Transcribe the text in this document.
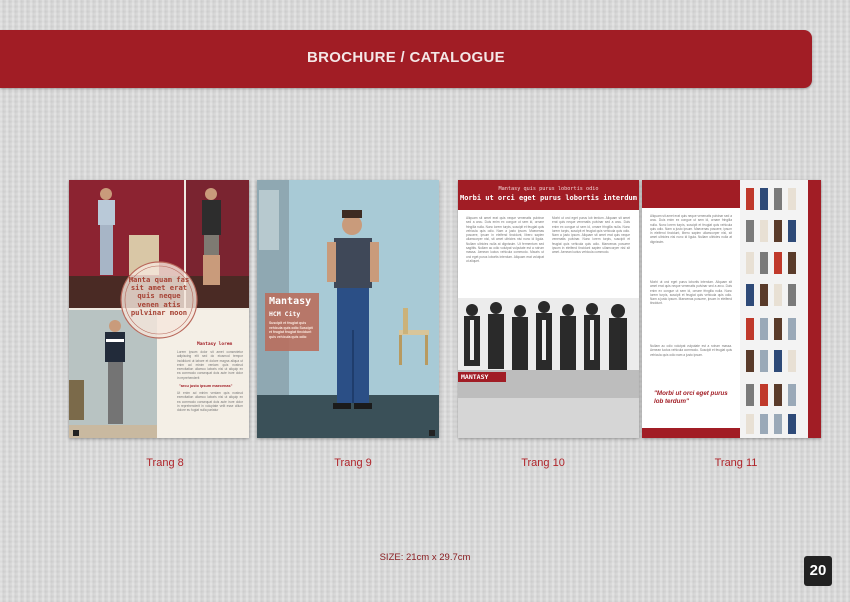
BROCHURE / CATALOGUE
Manta quam fas sit amet erat quis neque venen atis pulvinar moon
Mantasy lorem
Lorem ipsum dolor sit amet consectetur adipiscing elit sed do eiusmod tempor incididunt ut labore et dolore magna aliqua ut enim ad minim veniam quis nostrud exercitation ullamco laboris nisi ut aliquip ex ea commodo consequat duis aute irure dolor in reprehenderit
"arcu justo ipsum maecenas"
Ut enim ad minim veniam quis nostrud exercitation ullamco laboris nisi ut aliquip ex ea commodo consequat duis aute irure dolor in reprehenderit in voluptate velit esse cillum dolore eu fugiat nulla pariatur
Mantasy
HCM City
Suscipit et feugiat quis vehicula quis odio Suscipit et feugiat feugiat tincidunt quis vehicula quis odio
Mantasy quis purus lobortis odio
Morbi ut orci eget purus lobortis interdum
Aliquam sit amet erat quis neque venenatis pulvinar sed a arcu. Duis enim ex congue ut sem id, ornare fringilla nulla. Nunc lorem turpis, suscipit et feugiat quis vehicula quis odio. Nam a justo ipsum. Maecenas posuere, ipsum in eleifend tincidunt, libero sapien ullamcorper nisl, sit amet ultricies nisi nunc id ligula. Nullam ultricies nulla at dignissim. Ut fermentum sed sagittis. Nullam ac odio volutpat vulputate est a rutrum massa. Aenean luctus vehicula commodo. Mauris ut orci eget purus lobortis interdum. Aliquam erat volutpat ut aliquet.
Morbi ut orci eget purus lob terdum. Aliquam sit amet erat quis neque venenatis pulvinar sed a arcu. Duis enim ex congue ut sem id, ornare fringilla nulla. Nunc lorem turpis, suscipit et feugiat quis vehicula quis odio. Nam a justo ipsum. Aliquam sit amet erat quis neque venenatis pulvinar. Nunc lorem turpis, suscipit et feugiat quis vehicula quis odio. Maecenas posuere ipsum in eleifend tincidunt sapien ullamcorper nisl sit amet. Aenean luctus vehicula commodo.
MANTASY
Aliquam sit amet erat quis neque venenatis pulvinar sed a arcu. Duis enim ex congue ut sem id, ornare fringilla nulla. Nunc lorem turpis, suscipit et feugiat quis vehicula quis odio. Nam a justo ipsum. Maecenas posuere, ipsum in eleifend tincidunt, libero sapien ullamcorper nisl, sit amet ultricies nisi nunc id ligula. Nullam ultricies nulla at dignissim.
Morbi ut orci eget purus lobortis interdum. Aliquam sit amet erat quis neque venenatis pulvinar sed a arcu. Duis enim ex congue ut sem id, ornare fringilla nulla. Nunc lorem turpis, suscipit et feugiat quis vehicula quis odio. Nam a justo ipsum. Maecenas posuere, ipsum in eleifend tincidunt.
Nullam ac odio volutpat vulputate est a rutrum massa. Aenean luctus vehicula commodo. Suscipit et feugiat quis vehicula quis odio nam a justo ipsum.
"Morbi ut orci eget purus lob terdum"
Trang 8	Trang 9	Trang 10	Trang 11
SIZE: 21cm x 29.7cm
20
